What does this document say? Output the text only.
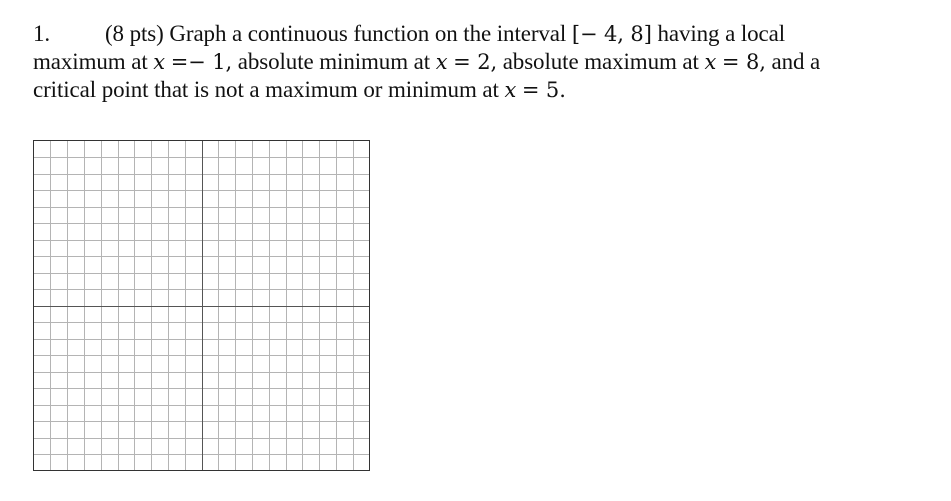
1. (8 pts) Graph a continuous function on the interval [− 4, 8] having a local
maximum at x =− 1, absolute minimum at x = 2, absolute maximum at x = 8, and a
critical point that is not a maximum or minimum at x = 5.
